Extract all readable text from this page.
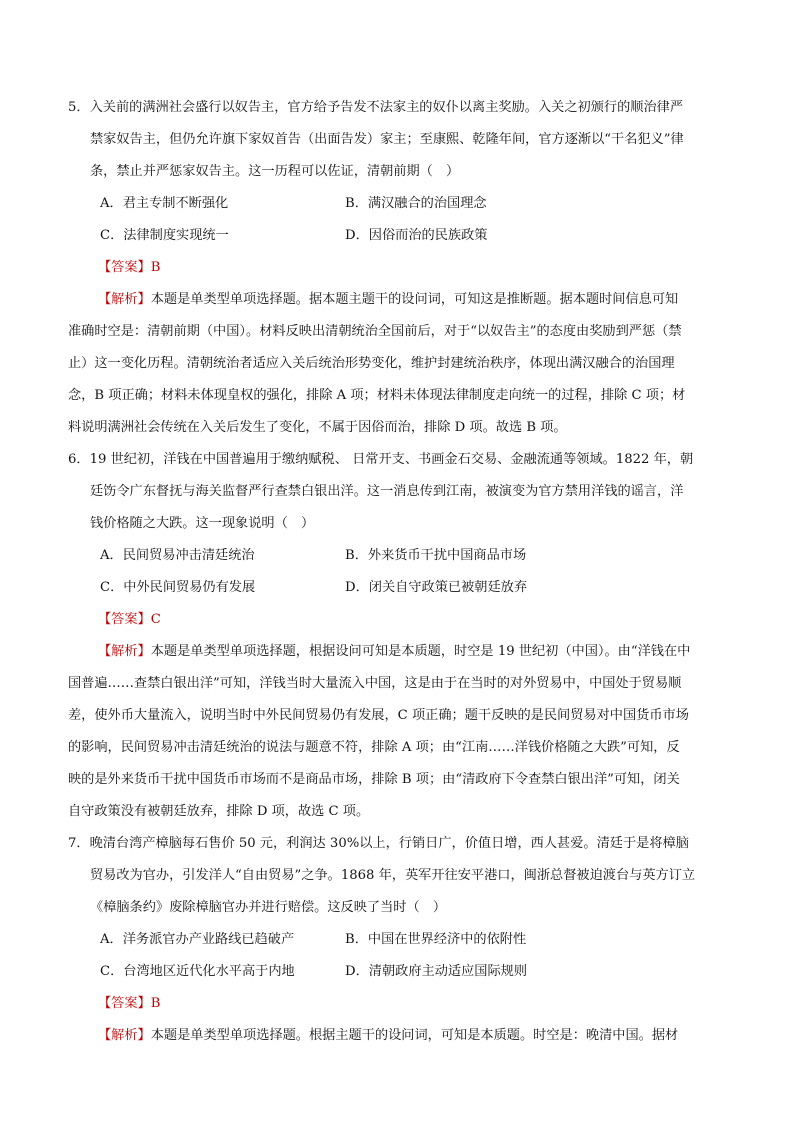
5．入关前的满洲社会盛行以奴告主，官方给予告发不法家主的奴仆以离主奖励。入关之初颁行的顺治律严
禁家奴告主，但仍允许旗下家奴首告（出面告发）家主；至康熙、乾隆年间，官方逐渐以“干名犯义”律
条，禁止并严惩家奴告主。这一历程可以佐证，清朝前期（　）
A．君主专制不断强化	B．满汉融合的治国理念
C．法律制度实现统一	D．因俗而治的民族政策
【答案】B
【解析】本题是单类型单项选择题。据本题主题干的设问词，可知这是推断题。据本题时间信息可知
准确时空是：清朝前期（中国）。材料反映出清朝统治全国前后，对于“以奴告主”的态度由奖励到严惩（禁
止）这一变化历程。清朝统治者适应入关后统治形势变化，维护封建统治秩序，体现出满汉融合的治国理
念，B 项正确；材料未体现皇权的强化，排除 A 项；材料未体现法律制度走向统一的过程，排除 C 项；材
料说明满洲社会传统在入关后发生了变化，不属于因俗而治，排除 D 项。故选 B 项。
6．19 世纪初，洋钱在中国普遍用于缴纳赋税、 日常开支、书画金石交易、金融流通等领域。1822 年，朝
廷饬令广东督抚与海关监督严行查禁白银出洋。这一消息传到江南，被演变为官方禁用洋钱的谣言，洋
钱价格随之大跌。这一现象说明（　）
A．民间贸易冲击清廷统治	B．外来货币干扰中国商品市场
C．中外民间贸易仍有发展	D．闭关自守政策已被朝廷放弃
【答案】C
【解析】本题是单类型单项选择题，根据设问可知是本质题，时空是 19 世纪初（中国）。由“洋钱在中
国普遍……查禁白银出洋”可知，洋钱当时大量流入中国，这是由于在当时的对外贸易中，中国处于贸易顺
差，使外币大量流入，说明当时中外民间贸易仍有发展，C 项正确；题干反映的是民间贸易对中国货币市场
的影响，民间贸易冲击清廷统治的说法与题意不符，排除 A 项；由“江南……洋钱价格随之大跌”可知，反
映的是外来货币干扰中国货币市场而不是商品市场，排除 B 项；由“清政府下令查禁白银出洋”可知，闭关
自守政策没有被朝廷放弃，排除 D 项，故选 C 项。
7．晚清台湾产樟脑每石售价 50 元，利润达 30%以上，行销日广，价值日增，西人甚爱。清廷于是将樟脑
贸易改为官办，引发洋人“自由贸易”之争。1868 年，英军开往安平港口，闽浙总督被迫渡台与英方订立
《樟脑条约》废除樟脑官办并进行赔偿。这反映了当时（　）
A．洋务派官办产业路线已趋破产	B．中国在世界经济中的依附性
C．台湾地区近代化水平高于内地	D．清朝政府主动适应国际规则
【答案】B
【解析】本题是单类型单项选择题。根据主题干的设问词，可知是本质题。时空是：晚清中国。据材
